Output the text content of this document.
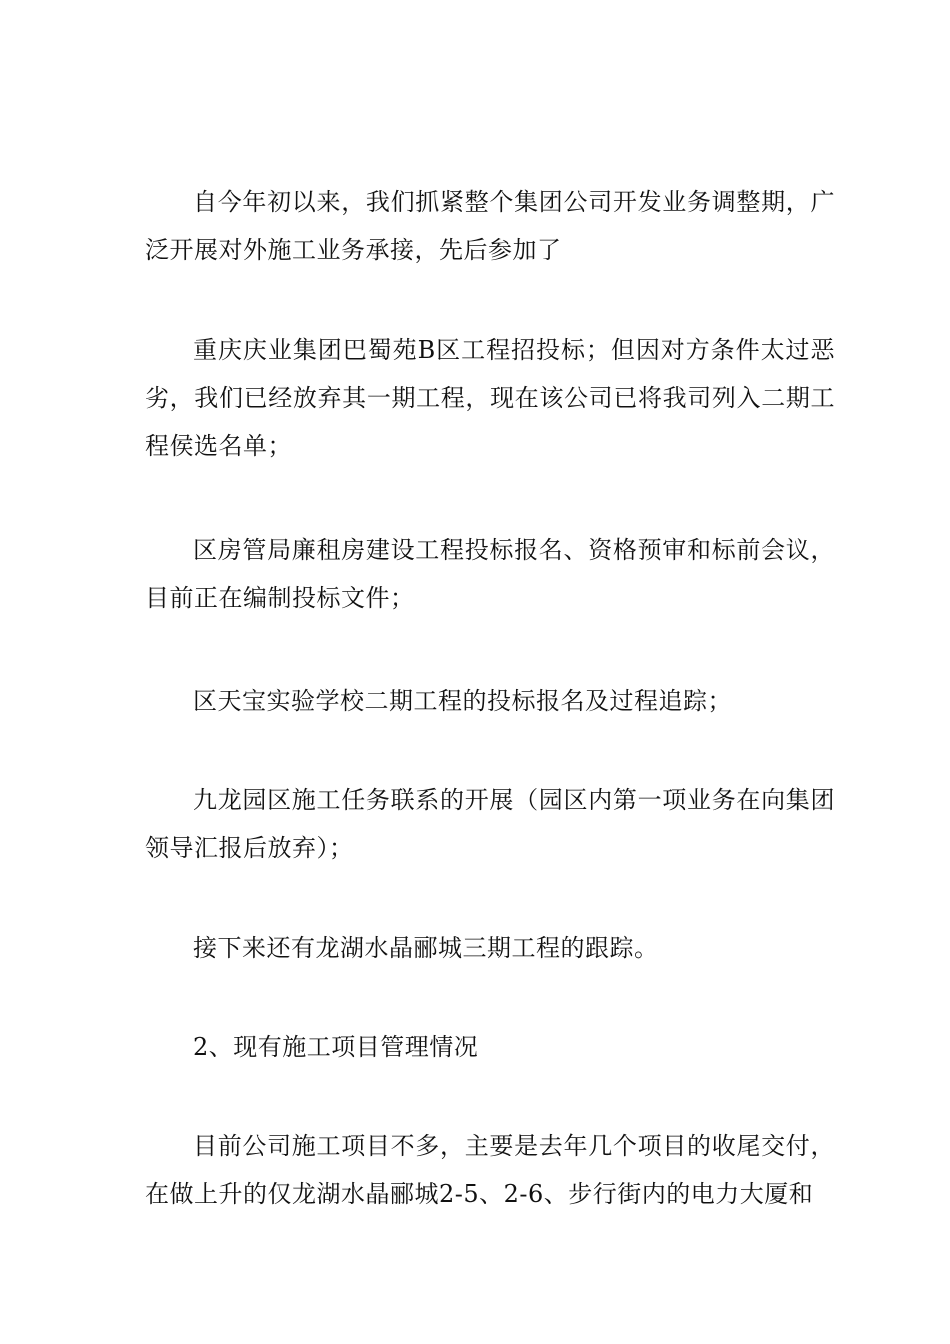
自今年初以来，我们抓紧整个集团公司开发业务调整期，广泛开展对外施工业务承接，先后参加了

重庆庆业集团巴蜀苑B区工程招投标；但因对方条件太过恶劣，我们已经放弃其一期工程，现在该公司已将我司列入二期工程侯选名单；

区房管局廉租房建设工程投标报名、资格预审和标前会议，目前正在编制投标文件；

区天宝实验学校二期工程的投标报名及过程追踪；

九龙园区施工任务联系的开展（园区内第一项业务在向集团领导汇报后放弃）；

接下来还有龙湖水晶郦城三期工程的跟踪。

2、现有施工项目管理情况

目前公司施工项目不多，主要是去年几个项目的收尾交付，在做上升的仅龙湖水晶郦城2-5、2-6、步行街内的电力大厦和
